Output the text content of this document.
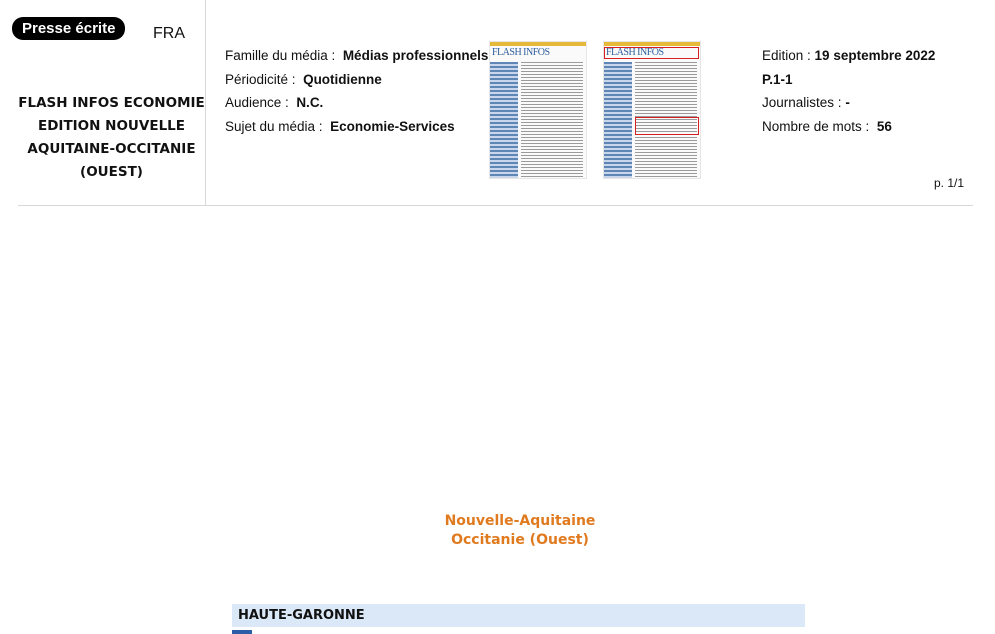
Presse écrite	FRA
FLASH INFOS ECONOMIE EDITION NOUVELLE AQUITAINE-OCCITANIE (OUEST)
Famille du média : Médias professionnels
Périodicité : Quotidienne
Audience : N.C.
Sujet du média : Economie-Services
FLASH INFOS	FLASH INFOS	Edition : 19 septembre 2022
P.1-1
Journalistes : -
Nombre de mots : 56
p. 1/1
Nouvelle-Aquitaine
Occitanie (Ouest)
HAUTE-GARONNE
